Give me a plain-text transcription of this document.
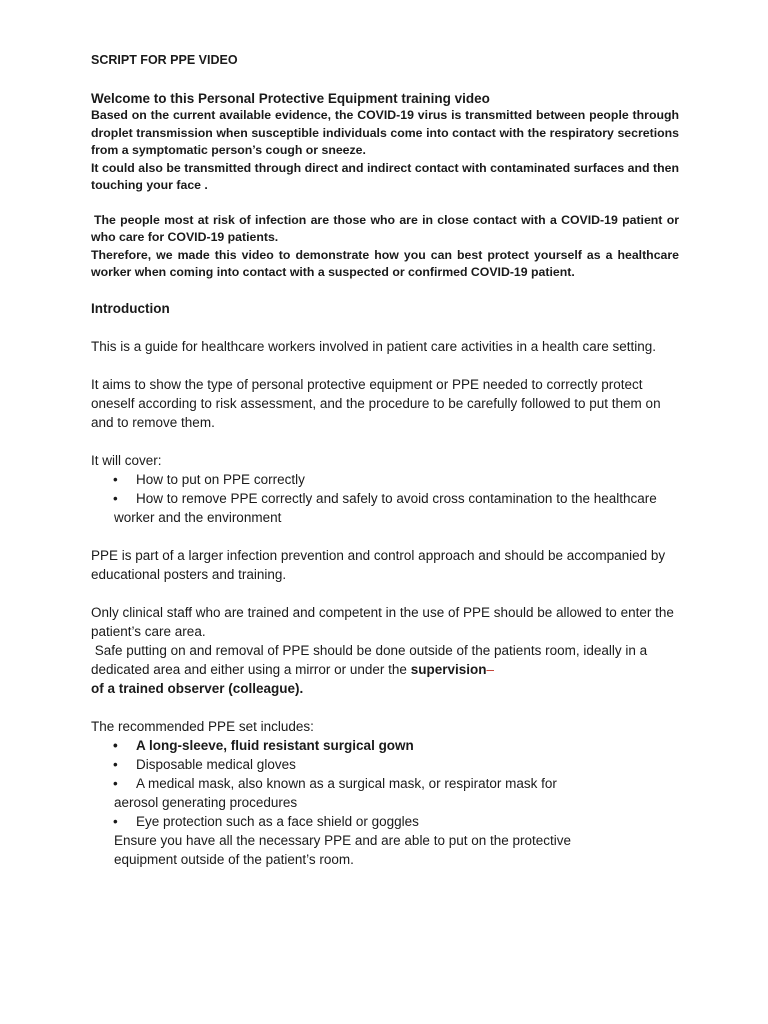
SCRIPT FOR PPE VIDEO

Welcome to this Personal Protective Equipment training video

Based on the current available evidence, the COVID-19 virus is transmitted between people through droplet transmission when susceptible individuals come into contact with the respiratory secretions from a symptomatic person’s cough or sneeze.

It could also be transmitted through direct and indirect contact with contaminated surfaces and then touching your face .

The people most at risk of infection are those who are in close contact with a COVID-19 patient or who care for COVID-19 patients.

Therefore, we made this video to demonstrate how you can best protect yourself as a healthcare worker when coming into contact with a suspected or confirmed COVID-19 patient.

Introduction

This is a guide for healthcare workers involved in patient care activities in a health care setting.

It aims to show the type of personal protective equipment or PPE needed to correctly protect oneself according to risk assessment, and the procedure to be carefully followed to put them on and to remove them.

It will cover:

• How to put on PPE correctly
• How to remove PPE correctly and safely to avoid cross contamination to the healthcare
worker and the environment

PPE is part of a larger infection prevention and control approach and should be accompanied by educational posters and training.

Only clinical staff who are trained and competent in the use of PPE should be allowed to enter the patient’s care area.

Safe putting on and removal of PPE should be done outside of the patients room, ideally in a dedicated area and either using a mirror or under the supervision–

of a trained observer (colleague).

The recommended PPE set includes:

• A long-sleeve, fluid resistant surgical gown
• Disposable medical gloves
• A medical mask, also known as a surgical mask, or respirator mask for
aerosol generating procedures
• Eye protection such as a face shield or goggles

Ensure you have all the necessary PPE and are able to put on the protective

equipment outside of the patient’s room.
